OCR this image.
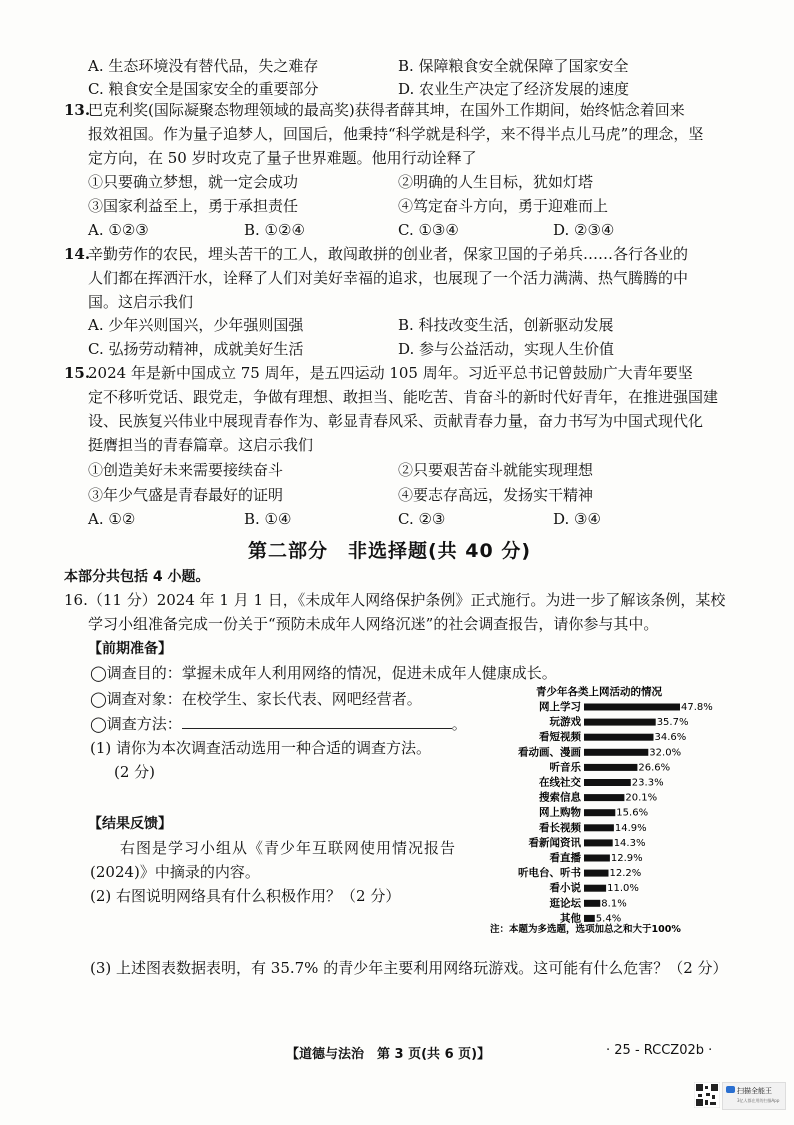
A. 生态环境没有替代品，失之难存	B. 保障粮食安全就保障了国家安全
C. 粮食安全是国家安全的重要部分	D. 农业生产决定了经济发展的速度
13.
巴克利奖(国际凝聚态物理领域的最高奖)获得者薛其坤，在国外工作期间，始终惦念着回来
报效祖国。作为量子追梦人，回国后，他秉持“科学就是科学，来不得半点儿马虎”的理念，坚
定方向，在 50 岁时攻克了量子世界难题。他用行动诠释了
①只要确立梦想，就一定会成功	②明确的人生目标，犹如灯塔
③国家利益至上，勇于承担责任	④笃定奋斗方向，勇于迎难而上
A. ①②③	B. ①②④	C. ①③④	D. ②③④
14.
辛勤劳作的农民，埋头苦干的工人，敢闯敢拼的创业者，保家卫国的子弟兵……各行各业的
人们都在挥洒汗水，诠释了人们对美好幸福的追求，也展现了一个活力满满、热气腾腾的中
国。这启示我们
A. 少年兴则国兴，少年强则国强	B. 科技改变生活，创新驱动发展
C. 弘扬劳动精神，成就美好生活	D. 参与公益活动，实现人生价值
15.
2024 年是新中国成立 75 周年，是五四运动 105 周年。习近平总书记曾鼓励广大青年要坚
定不移听党话、跟党走，争做有理想、敢担当、能吃苦、肯奋斗的新时代好青年，在推进强国建
设、民族复兴伟业中展现青春作为、彰显青春风采、贡献青春力量，奋力书写为中国式现代化
挺膺担当的青春篇章。这启示我们
①创造美好未来需要接续奋斗	②只要艰苦奋斗就能实现理想
③年少气盛是青春最好的证明	④要志存高远，发扬实干精神
A. ①②	B. ①④	C. ②③	D. ③④
第二部分　非选择题(共 40 分)
本部分共包括 4 小题。
16.（11 分）2024 年 1 月 1 日，《未成年人网络保护条例》正式施行。为进一步了解该条例，某校
学习小组准备完成一份关于“预防未成年人网络沉迷”的社会调查报告，请你参与其中。
【前期准备】
◯调查目的：掌握未成年人利用网络的情况，促进未成年人健康成长。
◯调查对象：在校学生、家长代表、网吧经营者。
◯调查方法：	。
(1) 请你为本次调查活动选用一种合适的调查方法。
(2 分)
【结果反馈】
右图是学习小组从《青少年互联网使用情况报告
(2024)》中摘录的内容。
(2) 右图说明网络具有什么积极作用？（2 分）
(3) 上述图表数据表明，有 35.7% 的青少年主要利用网络玩游戏。这可能有什么危害？（2 分）
青少年各类上网活动的情况
网上学习	47.8%
玩游戏	35.7%
看短视频	34.6%
看动画、漫画	32.0%
听音乐	26.6%
在线社交	23.3%
搜索信息	20.1%
网上购物	15.6%
看长视频	14.9%
看新闻资讯	14.3%
看直播	12.9%
听电台、听书	12.2%
看小说	11.0%
逛论坛 8.1%
其他 5.4%
注：本题为多选题，选项加总之和大于100%
【道德与法治　第 3 页(共 6 页)】	· 25 - RCCZ02b ·
扫描全能王
3亿人都在用的扫描App
